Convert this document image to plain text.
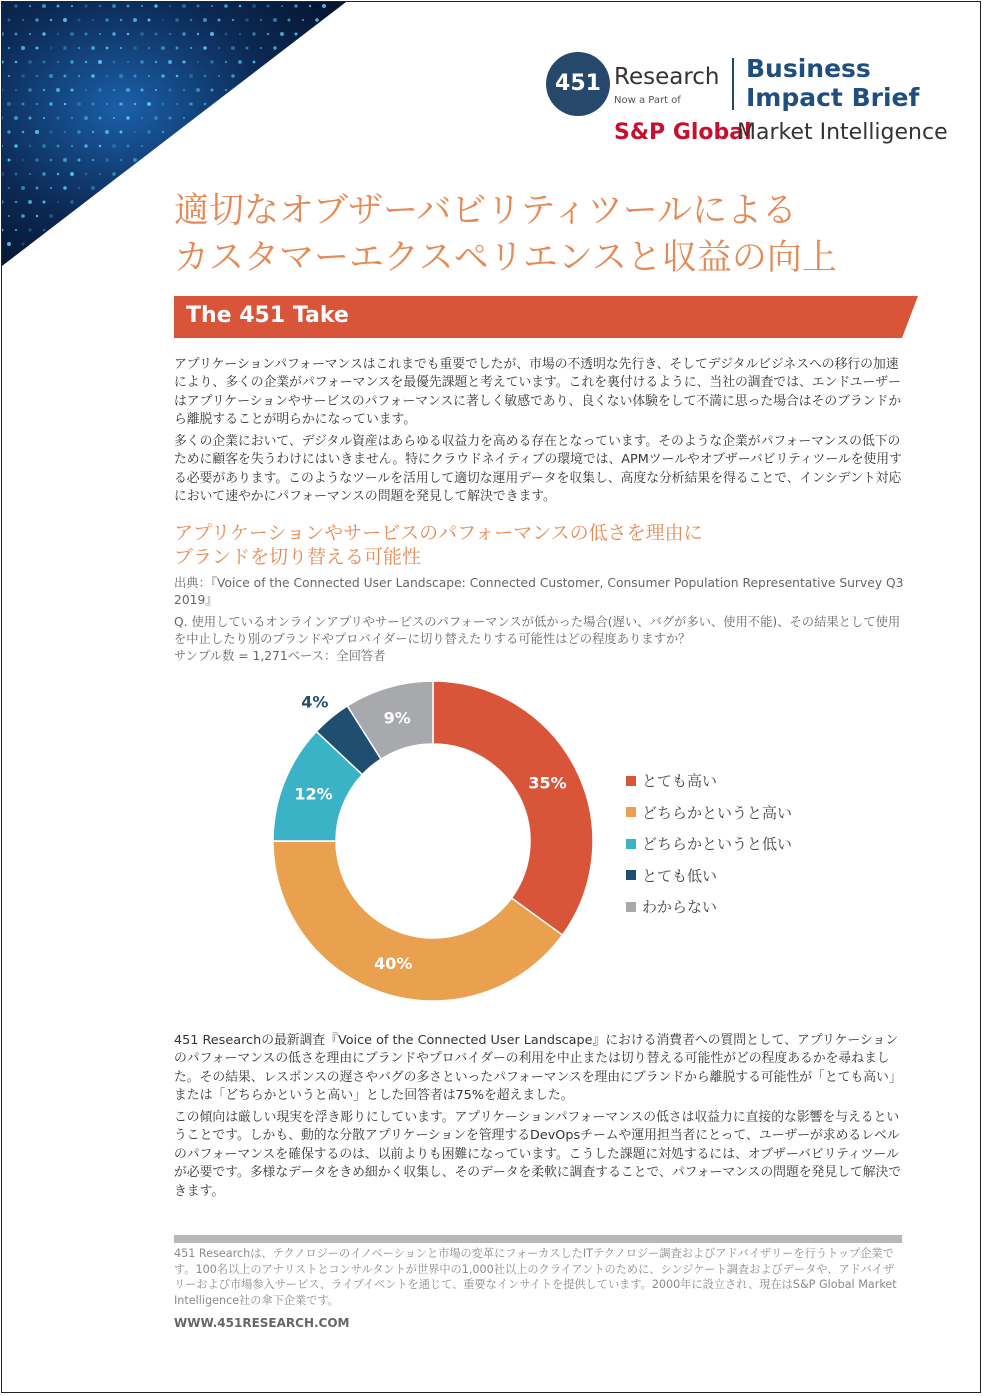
451 Research
Now a Part of
Business
Impact Brief
S&P Global
Market Intelligence
適切なオブザーバビリティツールによる
カスタマーエクスペリエンスと収益の向上
The 451 Take

アプリケーションパフォーマンスはこれまでも重要でしたが、市場の不透明な先行き、そしてデジタルビジネスへの移行の加速により、多くの企業がパフォーマンスを最優先課題と考えています。これを裏付けるように、当社の調査では、エンドユーザーはアプリケーションやサービスのパフォーマンスに著しく敏感であり、良くない体験をして不満に思った場合はそのブランドから離脱することが明らかになっています。

多くの企業において、デジタル資産はあらゆる収益力を高める存在となっています。そのような企業がパフォーマンスの低下のために顧客を失うわけにはいきません。特にクラウドネイティブの環境では、APMツールやオブザーバビリティツールを使用する必要があります。このようなツールを活用して適切な運用データを収集し、高度な分析結果を得ることで、インシデント対応において速やかにパフォーマンスの問題を発見して解決できます。

アプリケーションやサービスのパフォーマンスの低さを理由に
ブランドを切り替える可能性

出典：『Voice of the Connected User Landscape: Connected Customer, Consumer Population Representative Survey Q3 2019』

Q. 使用しているオンラインアプリやサービスのパフォーマンスが低かった場合(遅い、バグが多い、使用不能)、その結果として使用を中止したり別のブランドやプロバイダーに切り替えたりする可能性はどの程度ありますか？

サンプル数 = 1,271ベース：全回答者

35%
40%
12%
4%
9%
とても高い
どちらかというと高い
どちらかというと低い
とても低い
わからない

451 Researchの最新調査『Voice of the Connected User Landscape』における消費者への質問として、アプリケーションのパフォーマンスの低さを理由にブランドやプロバイダーの利用を中止または切り替える可能性がどの程度あるかを尋ねました。その結果、レスポンスの遅さやバグの多さといったパフォーマンスを理由にブランドから離脱する可能性が「とても高い」または「どちらかというと高い」とした回答者は75%を超えました。

この傾向は厳しい現実を浮き彫りにしています。アプリケーションパフォーマンスの低さは収益力に直接的な影響を与えるということです。しかも、動的な分散アプリケーションを管理するDevOpsチームや運用担当者にとって、ユーザーが求めるレベルのパフォーマンスを確保するのは、以前よりも困難になっています。こうした課題に対処するには、オブザーバビリティツールが必要です。多様なデータをきめ細かく収集し、そのデータを柔軟に調査することで、パフォーマンスの問題を発見して解決できます。

451 Researchは、テクノロジーのイノベーションと市場の変革にフォーカスしたITテクノロジー調査およびアドバイザリーを行うトップ企業です。100名以上のアナリストとコンサルタントが世界中の1,000社以上のクライアントのために、シンジケート調査およびデータや、アドバイザリーおよび市場参入サービス、ライブイベントを通じて、重要なインサイトを提供しています。2000年に設立され、現在はS&P Global Market Intelligence社の傘下企業です。

WWW.451RESEARCH.COM
